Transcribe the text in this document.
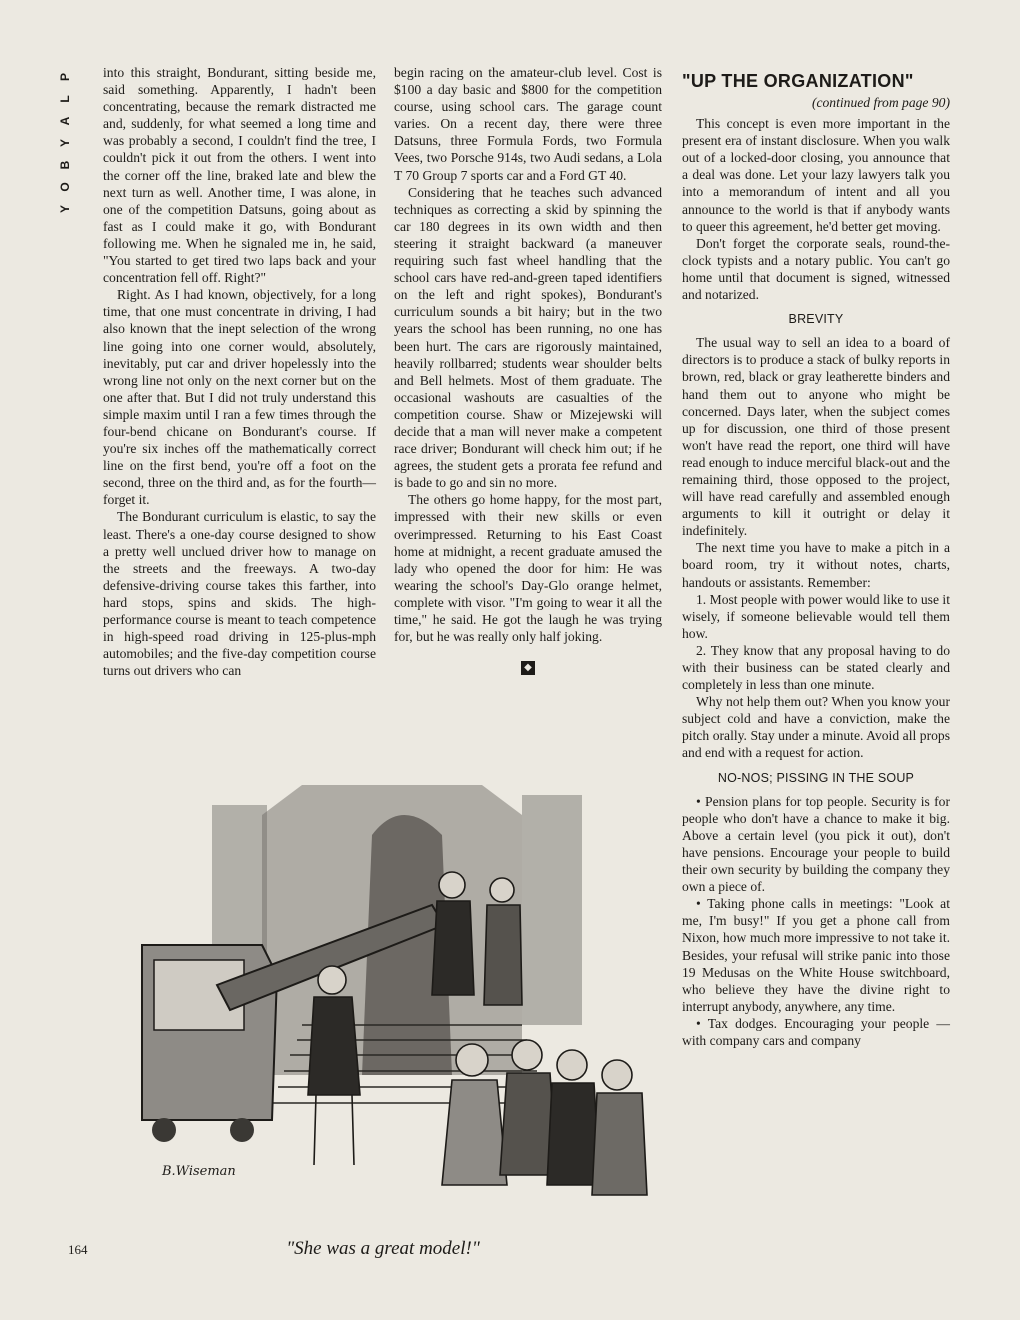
P
L
A
Y
B
O
Y

into this straight, Bondurant, sitting beside me, said something. Apparently, I hadn't been concentrating, because the remark distracted me and, suddenly, for what seemed a long time and was probably a second, I couldn't find the tree, I couldn't pick it out from the others. I went into the corner off the line, braked late and blew the next turn as well. Another time, I was alone, in one of the competition Datsuns, going about as fast as I could make it go, with Bondurant following me. When he signaled me in, he said, "You started to get tired two laps back and your concentration fell off. Right?"

Right. As I had known, objectively, for a long time, that one must concentrate in driving, I had also known that the inept selection of the wrong line going into one corner would, absolutely, inevitably, put car and driver hopelessly into the wrong line not only on the next corner but on the one after that. But I did not truly understand this simple maxim until I ran a few times through the four-bend chicane on Bondurant's course. If you're six inches off the mathematically correct line on the first bend, you're off a foot on the second, three on the third and, as for the fourth—forget it.

The Bondurant curriculum is elastic, to say the least. There's a one-day course designed to show a pretty well unclued driver how to manage on the streets and the freeways. A two-day defensive-driving course takes this farther, into hard stops, spins and skids. The high-performance course is meant to teach competence in high-speed road driving in 125-plus-mph automobiles; and the five-day competition course turns out drivers who can

begin racing on the amateur-club level. Cost is $100 a day basic and $800 for the competition course, using school cars. The garage count varies. On a recent day, there were three Datsuns, three Formula Fords, two Formula Vees, two Porsche 914s, two Audi sedans, a Lola T 70 Group 7 sports car and a Ford GT 40.

Considering that he teaches such advanced techniques as correcting a skid by spinning the car 180 degrees in its own width and then steering it straight backward (a maneuver requiring such fast wheel handling that the school cars have red-and-green taped identifiers on the left and right spokes), Bondurant's curriculum sounds a bit hairy; but in the two years the school has been running, no one has been hurt. The cars are rigorously maintained, heavily rollbarred; students wear shoulder belts and Bell helmets. Most of them graduate. The occasional washouts are casualties of the competition course. Shaw or Mizejewski will decide that a man will never make a competent race driver; Bondurant will check him out; if he agrees, the student gets a prorata fee refund and is bade to go and sin no more.

The others go home happy, for the most part, impressed with their new skills or even overimpressed. Returning to his East Coast home at midnight, a recent graduate amused the lady who opened the door for him: He was wearing the school's Day-Glo orange helmet, complete with visor. "I'm going to wear it all the time," he said. He got the laugh he was trying for, but he was really only half joking.

◆
"UP THE ORGANIZATION"
(continued from page 90)

This concept is even more important in the present era of instant disclosure. When you walk out of a locked-door closing, you announce that a deal was done. Let your lazy lawyers talk you into a memorandum of intent and all you announce to the world is that if anybody wants to queer this agreement, he'd better get moving.

Don't forget the corporate seals, round-the-clock typists and a notary public. You can't go home until that document is signed, witnessed and notarized.

BREVITY

The usual way to sell an idea to a board of directors is to produce a stack of bulky reports in brown, red, black or gray leatherette binders and hand them out to anyone who might be concerned. Days later, when the subject comes up for discussion, one third of those present won't have read the report, one third will have read enough to induce merciful black-out and the remaining third, those opposed to the project, will have read carefully and assembled enough arguments to kill it outright or delay it indefinitely.

The next time you have to make a pitch in a board room, try it without notes, charts, handouts or assistants. Remember:

1. Most people with power would like to use it wisely, if someone believable would tell them how.

2. They know that any proposal having to do with their business can be stated clearly and completely in less than one minute.

Why not help them out? When you know your subject cold and have a conviction, make the pitch orally. Stay under a minute. Avoid all props and end with a request for action.

NO-NOS; PISSING IN THE SOUP

• Pension plans for top people. Security is for people who don't have a chance to make it big. Above a certain level (you pick it out), don't have pensions. Encourage your people to build their own security by building the company they own a piece of.

• Taking phone calls in meetings: "Look at me, I'm busy!" If you get a phone call from Nixon, how much more impressive to not take it. Besides, your refusal will strike panic into those 19 Medusas on the White House switchboard, who believe they have the divine right to interrupt anybody, anywhere, any time.

• Tax dodges. Encouraging your people —with company cars and company

B.Wiseman
"She was a great model!"
164
